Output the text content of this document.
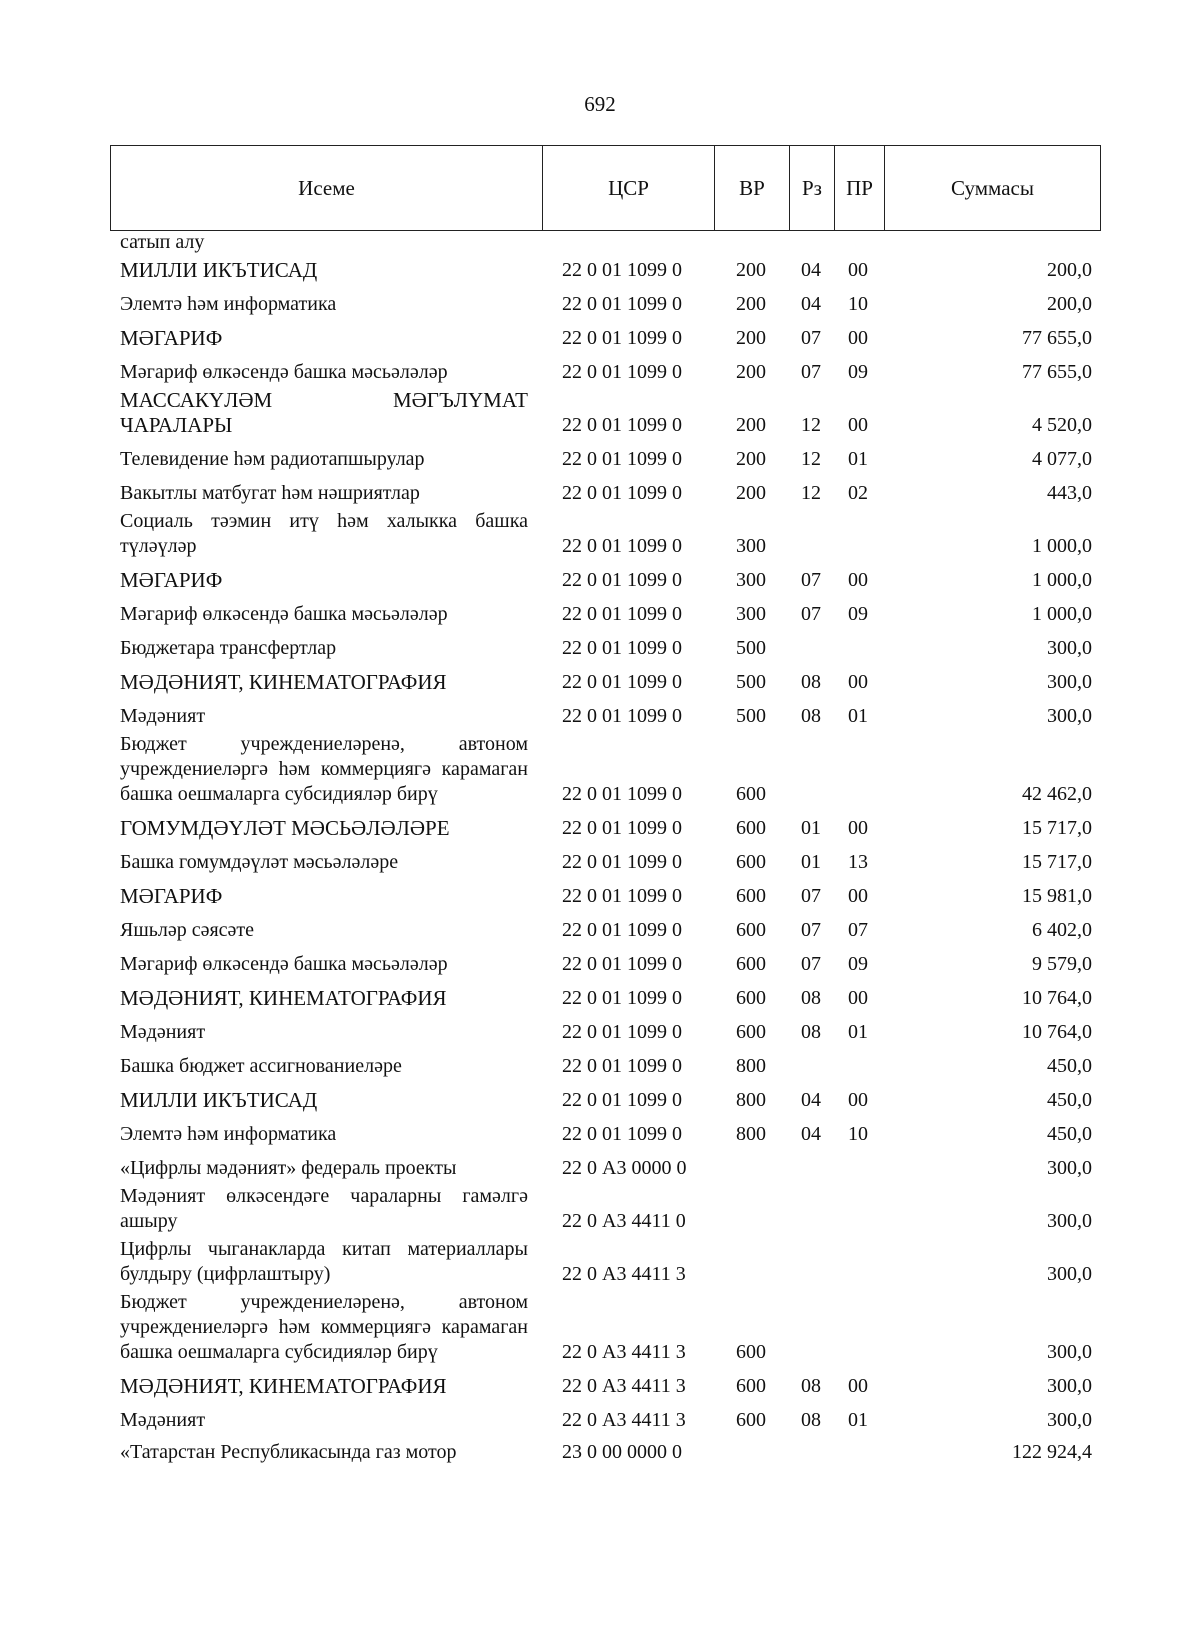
692
Исеме	ЦСР	ВР	Рз	ПР	Суммасы
сатып алу					
МИЛЛИ ИКЪТИСАД	22 0 01 1099 0	200	04	00	200,0
Элемтә һәм информатика	22 0 01 1099 0	200	04	10	200,0
МӘГАРИФ	22 0 01 1099 0	200	07	00	77 655,0
Мәгариф өлкәсендә башка мәсьәләләр	22 0 01 1099 0	200	07	09	77 655,0
МАССАКҮЛӘМ МӘГЪЛҮМАТ ЧАРАЛАРЫ	22 0 01 1099 0	200	12	00	4 520,0
Телевидение һәм радиотапшырулар	22 0 01 1099 0	200	12	01	4 077,0
Вакытлы матбугат һәм нәшриятлар	22 0 01 1099 0	200	12	02	443,0
Социаль тәэмин итү һәм халыкка башка түләүләр	22 0 01 1099 0	300			1 000,0
МӘГАРИФ	22 0 01 1099 0	300	07	00	1 000,0
Мәгариф өлкәсендә башка мәсьәләләр	22 0 01 1099 0	300	07	09	1 000,0
Бюджетара трансфертлар	22 0 01 1099 0	500			300,0
МӘДӘНИЯТ, КИНЕМАТОГРАФИЯ	22 0 01 1099 0	500	08	00	300,0
Мәдәният	22 0 01 1099 0	500	08	01	300,0
Бюджет учреждениеләренә, автоном учреждениеләргә һәм коммерциягә карамаган башка оешмаларга субсидияләр бирү	22 0 01 1099 0	600			42 462,0
ГОМУМДӘҮЛӘТ МӘСЬӘЛӘЛӘРЕ	22 0 01 1099 0	600	01	00	15 717,0
Башка гомумдәүләт мәсьәләләре	22 0 01 1099 0	600	01	13	15 717,0
МӘГАРИФ	22 0 01 1099 0	600	07	00	15 981,0
Яшьләр сәясәте	22 0 01 1099 0	600	07	07	6 402,0
Мәгариф өлкәсендә башка мәсьәләләр	22 0 01 1099 0	600	07	09	9 579,0
МӘДӘНИЯТ, КИНЕМАТОГРАФИЯ	22 0 01 1099 0	600	08	00	10 764,0
Мәдәният	22 0 01 1099 0	600	08	01	10 764,0
Башка бюджет ассигнованиеләре	22 0 01 1099 0	800			450,0
МИЛЛИ ИКЪТИСАД	22 0 01 1099 0	800	04	00	450,0
Элемтә һәм информатика	22 0 01 1099 0	800	04	10	450,0
«Цифрлы мәдәният» федераль проекты	22 0 А3 0000 0				300,0
Мәдәният өлкәсендәге чараларны гамәлгә ашыру	22 0 А3 4411 0				300,0
Цифрлы чыганакларда китап материаллары булдыру (цифрлаштыру)	22 0 А3 4411 3				300,0
Бюджет учреждениеләренә, автоном учреждениеләргә һәм коммерциягә карамаган башка оешмаларга субсидияләр бирү	22 0 А3 4411 3	600			300,0
МӘДӘНИЯТ, КИНЕМАТОГРАФИЯ	22 0 А3 4411 3	600	08	00	300,0
Мәдәният	22 0 А3 4411 3	600	08	01	300,0
«Татарстан Республикасында газ мотор	23 0 00 0000 0				122 924,4
